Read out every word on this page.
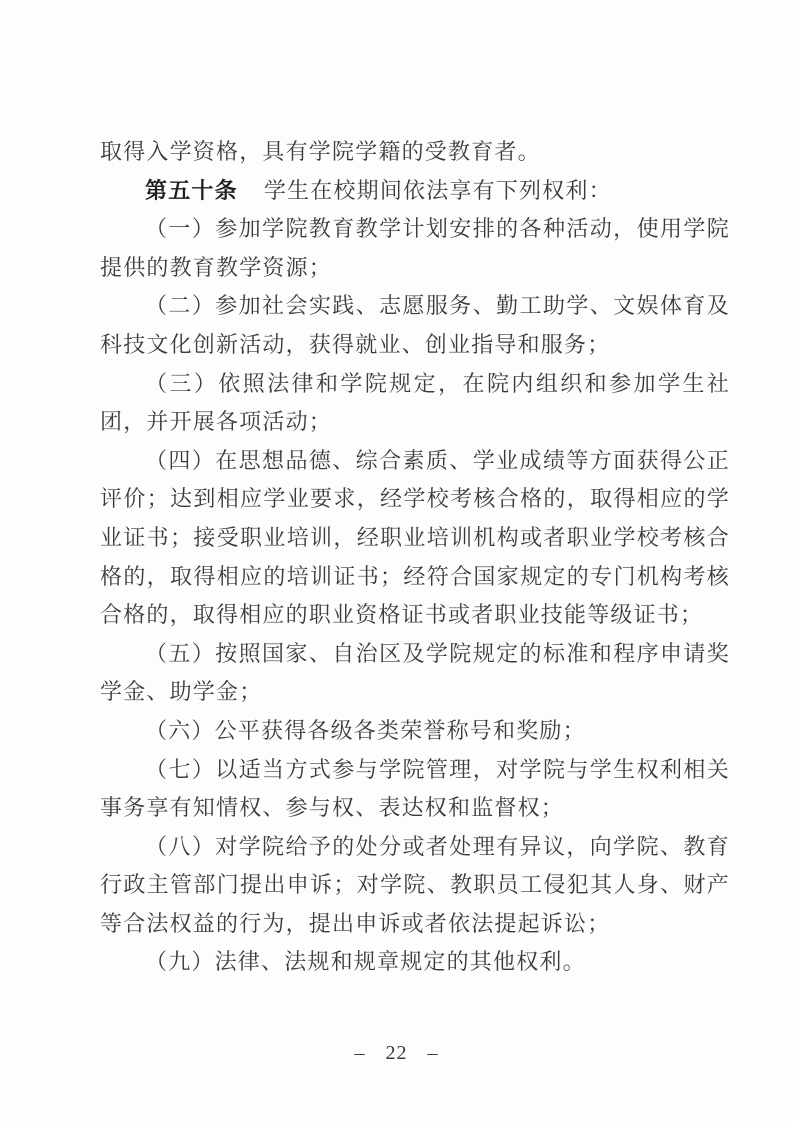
取得入学资格，具有学院学籍的受教育者。

第五十条 学生在校期间依法享有下列权利：

（一）参加学院教育教学计划安排的各种活动，使用学院提供的教育教学资源；

（二）参加社会实践、志愿服务、勤工助学、文娱体育及科技文化创新活动，获得就业、创业指导和服务；

（三）依照法律和学院规定，在院内组织和参加学生社团，并开展各项活动；

（四）在思想品德、综合素质、学业成绩等方面获得公正评价；达到相应学业要求，经学校考核合格的，取得相应的学业证书；接受职业培训，经职业培训机构或者职业学校考核合格的，取得相应的培训证书；经符合国家规定的专门机构考核合格的，取得相应的职业资格证书或者职业技能等级证书；

（五）按照国家、自治区及学院规定的标准和程序申请奖学金、助学金；

（六）公平获得各级各类荣誉称号和奖励；

（七）以适当方式参与学院管理，对学院与学生权利相关事务享有知情权、参与权、表达权和监督权；

（八）对学院给予的处分或者处理有异议，向学院、教育行政主管部门提出申诉；对学院、教职员工侵犯其人身、财产等合法权益的行为，提出申诉或者依法提起诉讼；

（九）法律、法规和规章规定的其他权利。

– 22 –
